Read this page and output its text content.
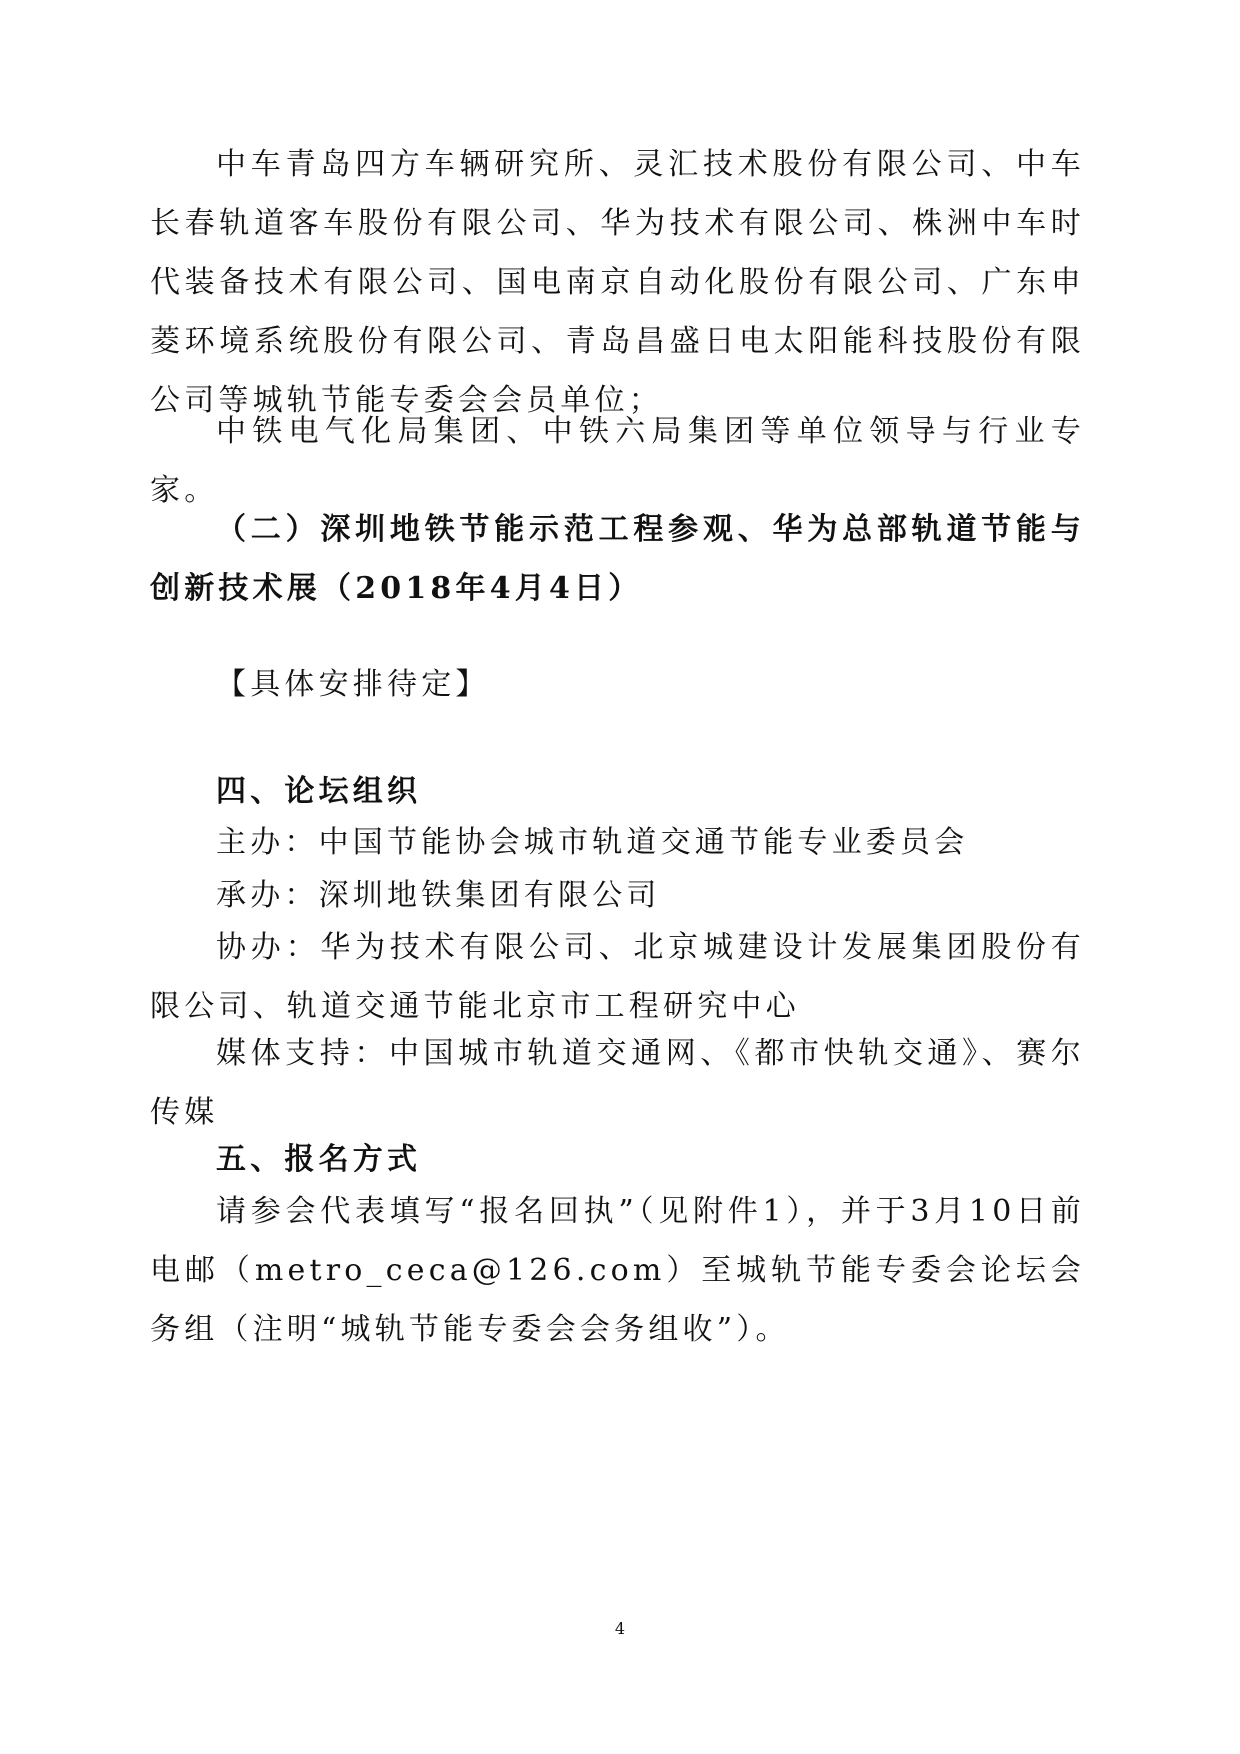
中车青岛四方车辆研究所、灵汇技术股份有限公司、中车长春轨道客车股份有限公司、华为技术有限公司、株洲中车时代装备技术有限公司、国电南京自动化股份有限公司、广东申菱环境系统股份有限公司、青岛昌盛日电太阳能科技股份有限公司等城轨节能专委会会员单位；

中铁电气化局集团、中铁六局集团等单位领导与行业专家。

（二）深圳地铁节能示范工程参观、华为总部轨道节能与创新技术展（2018年4月4日）

【具体安排待定】

四、论坛组织

主办：中国节能协会城市轨道交通节能专业委员会

承办：深圳地铁集团有限公司

协办：华为技术有限公司、北京城建设计发展集团股份有限公司、轨道交通节能北京市工程研究中心

媒体支持：中国城市轨道交通网、《都市快轨交通》、赛尔传媒

五、报名方式

请参会代表填写“报名回执”（见附件1），并于3月10日前电邮（metro_ceca@126.com）至城轨节能专委会论坛会务组（注明“城轨节能专委会会务组收”）。

4
